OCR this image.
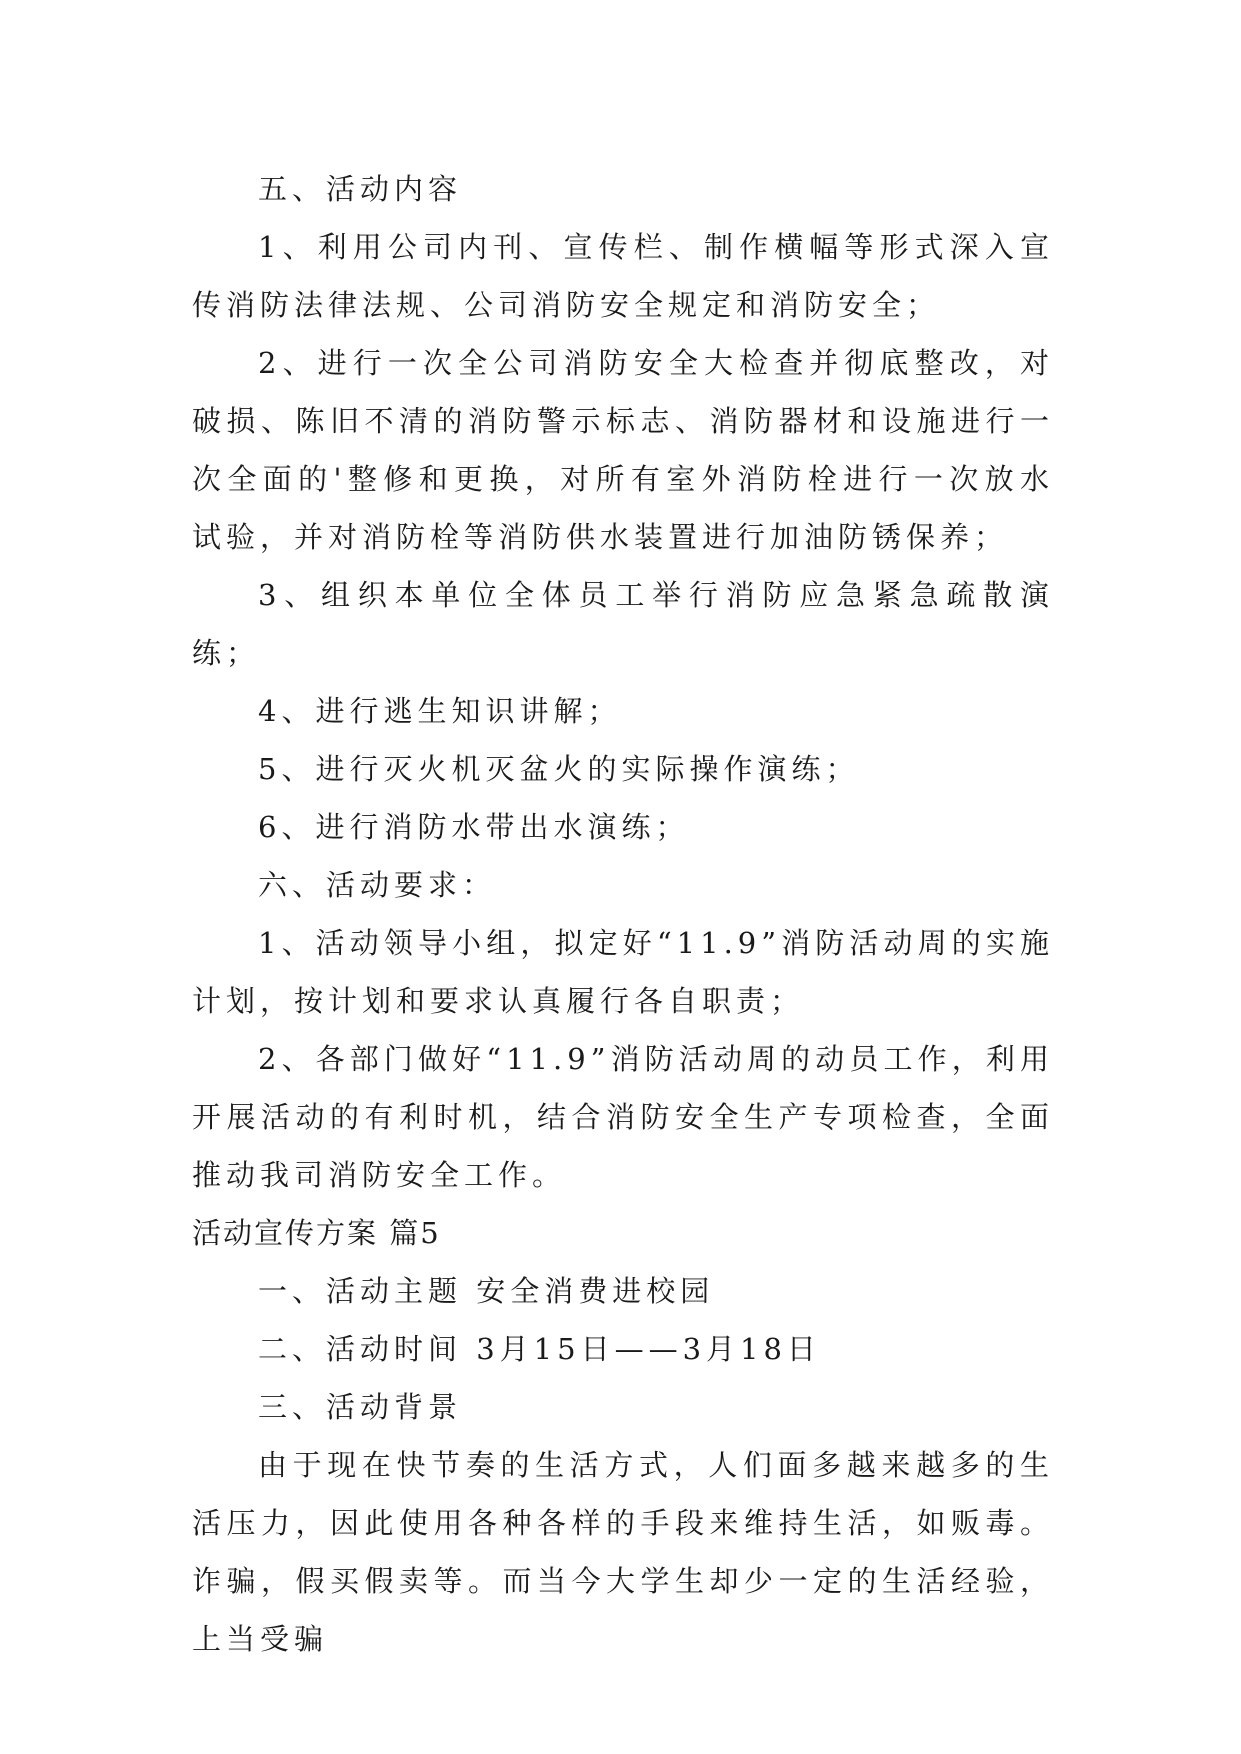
五、活动内容

1、利用公司内刊、宣传栏、制作横幅等形式深入宣传消防法律法规、公司消防安全规定和消防安全；

2、进行一次全公司消防安全大检查并彻底整改，对破损、陈旧不清的消防警示标志、消防器材和设施进行一次全面的'整修和更换，对所有室外消防栓进行一次放水试验，并对消防栓等消防供水装置进行加油防锈保养；

3、组织本单位全体员工举行消防应急紧急疏散演练；

4、进行逃生知识讲解；

5、进行灭火机灭盆火的实际操作演练；

6、进行消防水带出水演练；

六、活动要求：

1、活动领导小组，拟定好“11.9”消防活动周的实施计划，按计划和要求认真履行各自职责；

2、各部门做好“11.9”消防活动周的动员工作，利用开展活动的有利时机，结合消防安全生产专项检查，全面推动我司消防安全工作。

活动宣传方案 篇5

一、活动主题 安全消费进校园

二、活动时间 3月15日——3月18日

三、活动背景

由于现在快节奏的生活方式，人们面多越来越多的生活压力，因此使用各种各样的手段来维持生活，如贩毒。诈骗，假买假卖等。而当今大学生却少一定的生活经验，上当受骗
